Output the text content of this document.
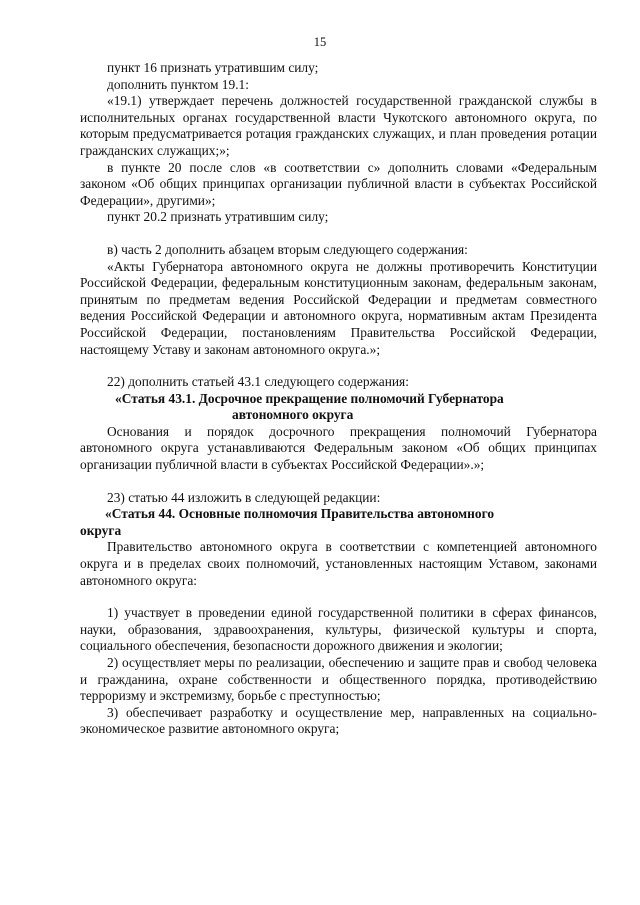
15

пункт 16 признать утратившим силу;

дополнить пунктом 19.1:

«19.1) утверждает перечень должностей государственной гражданской службы в исполнительных органах государственной власти Чукотского автономного округа, по которым предусматривается ротация гражданских служащих, и план проведения ротации гражданских служащих;»;

в пункте 20 после слов «в соответствии с» дополнить словами «Федеральным законом «Об общих принципах организации публичной власти в субъектах Российской Федерации», другими»;

пункт 20.2 признать утратившим силу;

в) часть 2 дополнить абзацем вторым следующего содержания:

«Акты Губернатора автономного округа не должны противоречить Конституции Российской Федерации, федеральным конституционным законам, федеральным законам, принятым по предметам ведения Российской Федерации и предметам совместного ведения Российской Федерации и автономного округа, нормативным актам Президента Российской Федерации, постановлениям Правительства Российской Федерации, настоящему Уставу и законам автономного округа.»;

22) дополнить статьей 43.1 следующего содержания:

«Статья 43.1. Досрочное прекращение полномочий Губернатора
автономного округа

Основания и порядок досрочного прекращения полномочий Губернатора автономного округа устанавливаются Федеральным законом «Об общих принципах организации публичной власти в субъектах Российской Федерации».»;

23) статью 44 изложить в следующей редакции:

«Статья 44. Основные полномочия Правительства автономного
округа

Правительство автономного округа в соответствии с компетенцией автономного округа и в пределах своих полномочий, установленных настоящим Уставом, законами автономного округа:

1) участвует в проведении единой государственной политики в сферах финансов, науки, образования, здравоохранения, культуры, физической культуры и спорта, социального обеспечения, безопасности дорожного движения и экологии;

2) осуществляет меры по реализации, обеспечению и защите прав и свобод человека и гражданина, охране собственности и общественного порядка, противодействию терроризму и экстремизму, борьбе с преступностью;

3) обеспечивает разработку и осуществление мер, направленных на социально-экономическое развитие автономного округа;
